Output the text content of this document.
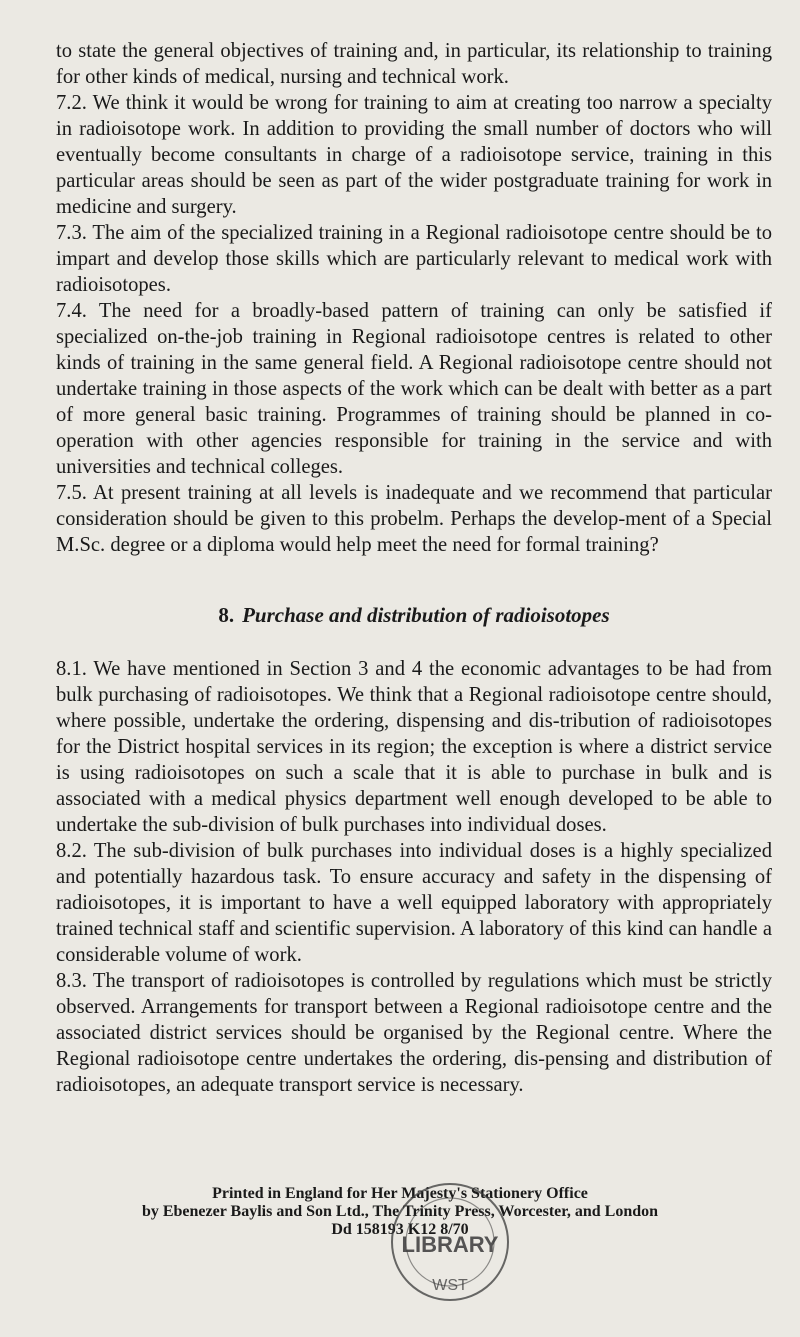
to state the general objectives of training and, in particular, its relationship to training for other kinds of medical, nursing and technical work.

7.2. We think it would be wrong for training to aim at creating too narrow a specialty in radioisotope work. In addition to providing the small number of doctors who will eventually become consultants in charge of a radioisotope service, training in this particular areas should be seen as part of the wider postgraduate training for work in medicine and surgery.

7.3. The aim of the specialized training in a Regional radioisotope centre should be to impart and develop those skills which are particularly relevant to medical work with radioisotopes.

7.4. The need for a broadly-based pattern of training can only be satisfied if specialized on-the-job training in Regional radioisotope centres is related to other kinds of training in the same general field. A Regional radioisotope centre should not undertake training in those aspects of the work which can be dealt with better as a part of more general basic training. Programmes of training should be planned in co-operation with other agencies responsible for training in the service and with universities and technical colleges.

7.5. At present training at all levels is inadequate and we recommend that particular consideration should be given to this probelm. Perhaps the develop-ment of a Special M.Sc. degree or a diploma would help meet the need for formal training?

8. Purchase and distribution of radioisotopes

8.1. We have mentioned in Section 3 and 4 the economic advantages to be had from bulk purchasing of radioisotopes. We think that a Regional radioisotope centre should, where possible, undertake the ordering, dispensing and dis-tribution of radioisotopes for the District hospital services in its region; the exception is where a district service is using radioisotopes on such a scale that it is able to purchase in bulk and is associated with a medical physics department well enough developed to be able to undertake the sub-division of bulk purchases into individual doses.

8.2. The sub-division of bulk purchases into individual doses is a highly specialized and potentially hazardous task. To ensure accuracy and safety in the dispensing of radioisotopes, it is important to have a well equipped laboratory with appropriately trained technical staff and scientific supervision. A laboratory of this kind can handle a considerable volume of work.

8.3. The transport of radioisotopes is controlled by regulations which must be strictly observed. Arrangements for transport between a Regional radioisotope centre and the associated district services should be organised by the Regional centre. Where the Regional radioisotope centre undertakes the ordering, dis-pensing and distribution of radioisotopes, an adequate transport service is necessary.

Printed in England for Her Majesty's Stationery Office
by Ebenezer Baylis and Son Ltd., The Trinity Press, Worcester, and London
Dd 158193 K12 8/70
LIBRARY
WST
